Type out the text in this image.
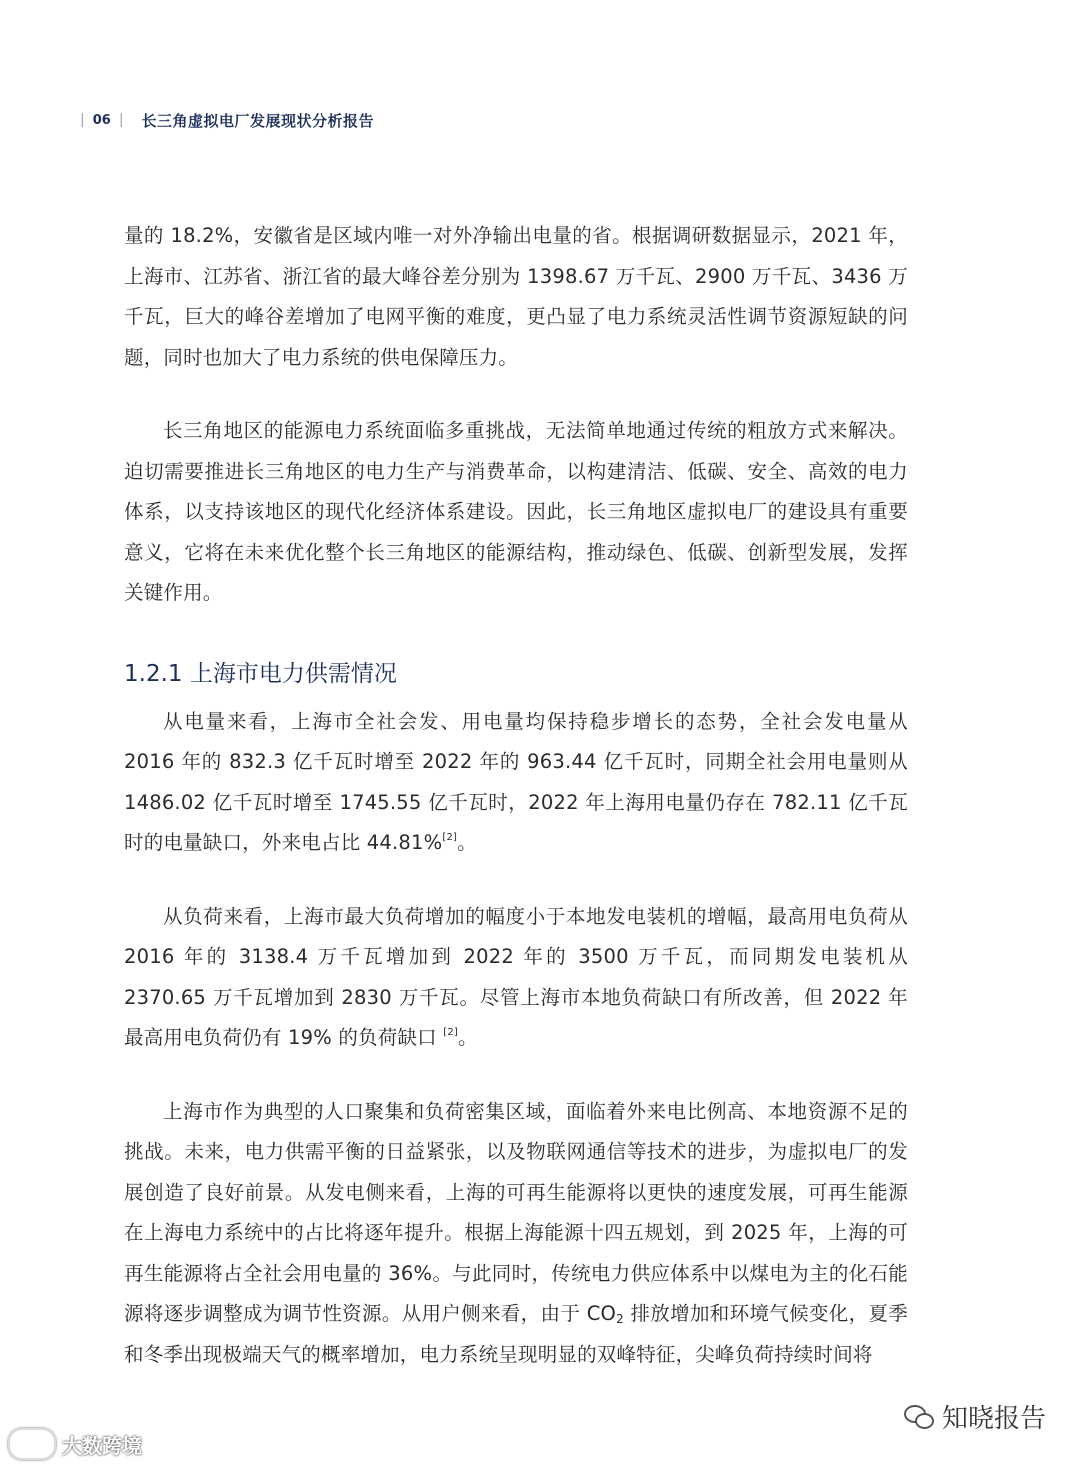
| 06 | 长三角虚拟电厂发展现状分析报告

量的 18.2%，安徽省是区域内唯一对外净输出电量的省。根据调研数据显示，2021 年，上海市、江苏省、浙江省的最大峰谷差分别为 1398.67 万千瓦、2900 万千瓦、3436 万千瓦，巨大的峰谷差增加了电网平衡的难度，更凸显了电力系统灵活性调节资源短缺的问题，同时也加大了电力系统的供电保障压力。

长三角地区的能源电力系统面临多重挑战，无法简单地通过传统的粗放方式来解决。迫切需要推进长三角地区的电力生产与消费革命，以构建清洁、低碳、安全、高效的电力体系，以支持该地区的现代化经济体系建设。因此，长三角地区虚拟电厂的建设具有重要意义，它将在未来优化整个长三角地区的能源结构，推动绿色、低碳、创新型发展，发挥关键作用。

1.2.1 上海市电力供需情况

从电量来看，上海市全社会发、用电量均保持稳步增长的态势，全社会发电量从 2016 年的 832.3 亿千瓦时增至 2022 年的 963.44 亿千瓦时，同期全社会用电量则从 1486.02 亿千瓦时增至 1745.55 亿千瓦时，2022 年上海用电量仍存在 782.11 亿千瓦时的电量缺口，外来电占比 44.81%[2]。

从负荷来看，上海市最大负荷增加的幅度小于本地发电装机的增幅，最高用电负荷从 2016 年的 3138.4 万千瓦增加到 2022 年的 3500 万千瓦，而同期发电装机从 2370.65 万千瓦增加到 2830 万千瓦。尽管上海市本地负荷缺口有所改善，但 2022 年最高用电负荷仍有 19% 的负荷缺口 [2]。

上海市作为典型的人口聚集和负荷密集区域，面临着外来电比例高、本地资源不足的挑战。未来，电力供需平衡的日益紧张，以及物联网通信等技术的进步，为虚拟电厂的发展创造了良好前景。从发电侧来看，上海的可再生能源将以更快的速度发展，可再生能源在上海电力系统中的占比将逐年提升。根据上海能源十四五规划，到 2025 年，上海的可再生能源将占全社会用电量的 36%。与此同时，传统电力供应体系中以煤电为主的化石能源将逐步调整成为调节性资源。从用户侧来看，由于 $CO_2$ 排放增加和环境气候变化，夏季和冬季出现极端天气的概率增加，电力系统呈现明显的双峰特征，尖峰负荷持续时间将

大数跨境
知晓报告
